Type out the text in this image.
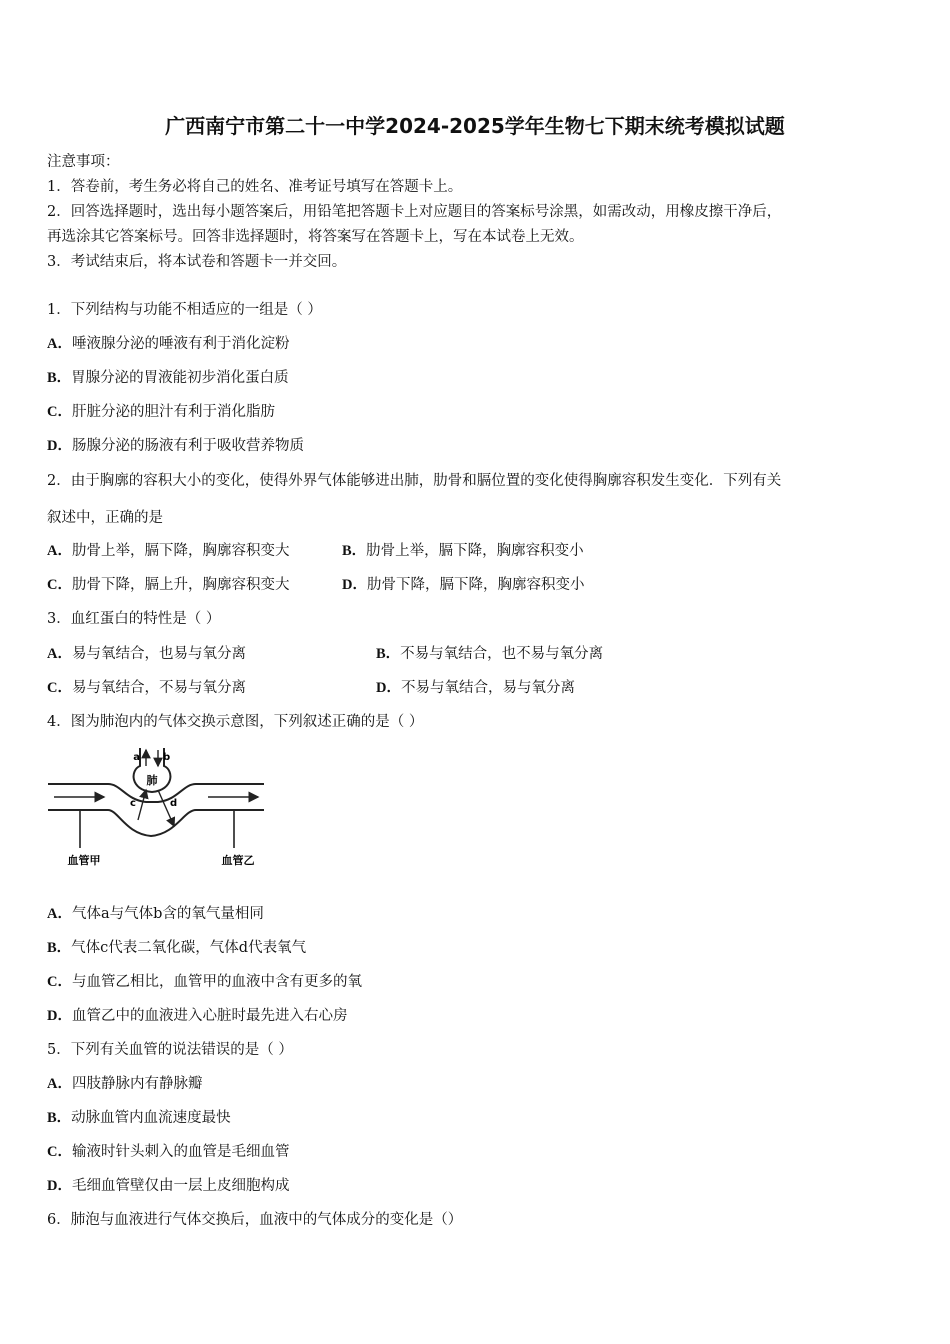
广西南宁市第二十一中学2024-2025学年生物七下期末统考模拟试题
注意事项：
1．答卷前，考生务必将自己的姓名、准考证号填写在答题卡上。
2．回答选择题时，选出每小题答案后，用铅笔把答题卡上对应题目的答案标号涂黑，如需改动，用橡皮擦干净后，
再选涂其它答案标号。回答非选择题时，将答案写在答题卡上，写在本试卷上无效。
3．考试结束后，将本试卷和答题卡一并交回。
1．下列结构与功能不相适应的一组是（ ）
A．唾液腺分泌的唾液有利于消化淀粉
B．胃腺分泌的胃液能初步消化蛋白质
C．肝脏分泌的胆汁有利于消化脂肪
D．肠腺分泌的肠液有利于吸收营养物质
2．由于胸廓的容积大小的变化，使得外界气体能够进出肺，肋骨和膈位置的变化使得胸廓容积发生变化．下列有关
叙述中，正确的是
A．肋骨上举，膈下降，胸廓容积变大	B．肋骨上举，膈下降，胸廓容积变小
C．肋骨下降，膈上升，胸廓容积变大	D．肋骨下降，膈下降，胸廓容积变小
3．血红蛋白的特性是（ ）
A．易与氧结合，也易与氧分离	B．不易与氧结合，也不易与氧分离
C．易与氧结合，不易与氧分离	D．不易与氧结合，易与氧分离
4．图为肺泡内的气体交换示意图，下列叙述正确的是（ ）
a b
肺
c	d
血管甲	血管乙
A．气体a与气体b含的氧气量相同
B．气体c代表二氧化碳，气体d代表氧气
C．与血管乙相比，血管甲的血液中含有更多的氧
D．血管乙中的血液进入心脏时最先进入右心房
5．下列有关血管的说法错误的是（ ）
A．四肢静脉内有静脉瓣
B．动脉血管内血流速度最快
C．输液时针头刺入的血管是毛细血管
D．毛细血管壁仅由一层上皮细胞构成
6．肺泡与血液进行气体交换后，血液中的气体成分的变化是（）
